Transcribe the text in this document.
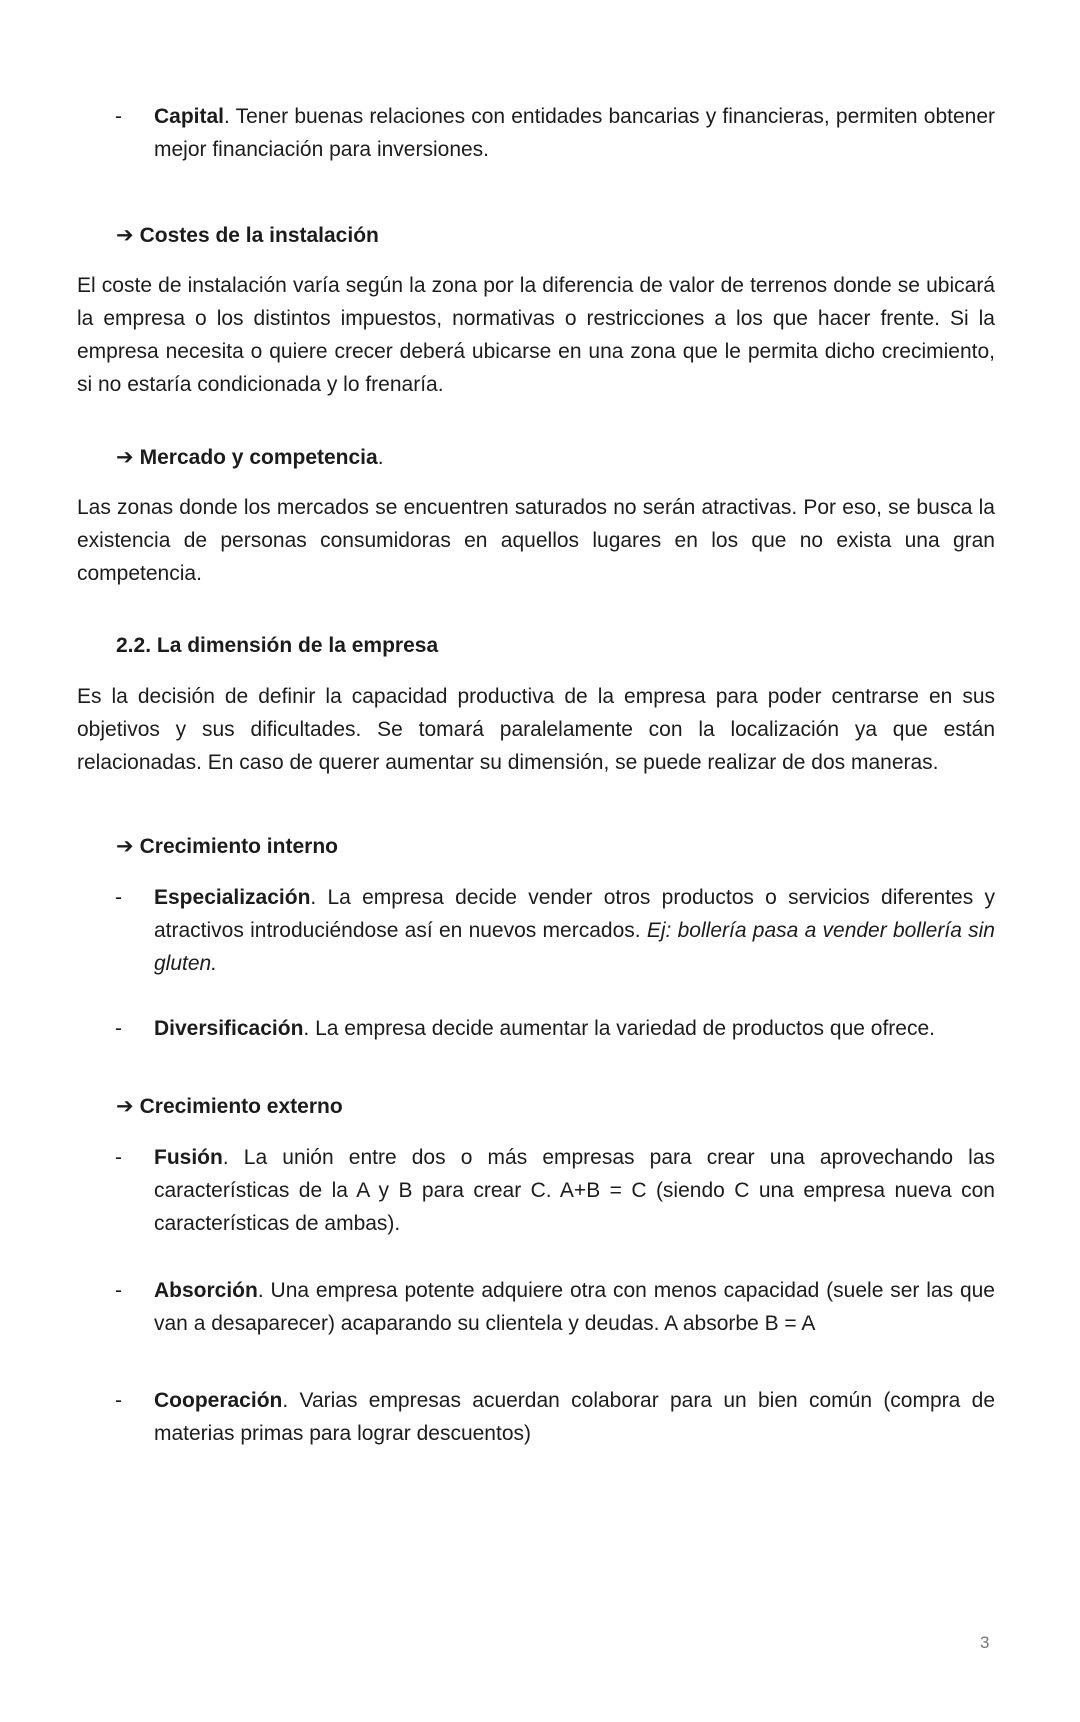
- Capital. Tener buenas relaciones con entidades bancarias y financieras, permiten obtener mejor financiación para inversiones.
➔ Costes de la instalación

El coste de instalación varía según la zona por la diferencia de valor de terrenos donde se ubicará la empresa o los distintos impuestos, normativas o restricciones a los que hacer frente. Si la empresa necesita o quiere crecer deberá ubicarse en una zona que le permita dicho crecimiento, si no estaría condicionada y lo frenaría.

➔ Mercado y competencia.

Las zonas donde los mercados se encuentren saturados no serán atractivas. Por eso, se busca la existencia de personas consumidoras en aquellos lugares en los que no exista una gran competencia.

2.2. La dimensión de la empresa

Es la decisión de definir la capacidad productiva de la empresa para poder centrarse en sus objetivos y sus dificultades. Se tomará paralelamente con la localización ya que están relacionadas. En caso de querer aumentar su dimensión, se puede realizar de dos maneras.

➔ Crecimiento interno
- Especialización. La empresa decide vender otros productos o servicios diferentes y atractivos introduciéndose así en nuevos mercados. Ej: bollería pasa a vender bollería sin gluten.
- Diversificación. La empresa decide aumentar la variedad de productos que ofrece.
➔ Crecimiento externo
- Fusión. La unión entre dos o más empresas para crear una aprovechando las características de la A y B para crear C. A+B = C (siendo C una empresa nueva con características de ambas).
- Absorción. Una empresa potente adquiere otra con menos capacidad (suele ser las que van a desaparecer) acaparando su clientela y deudas. A absorbe B = A
- Cooperación. Varias empresas acuerdan colaborar para un bien común (compra de materias primas para lograr descuentos)
3
